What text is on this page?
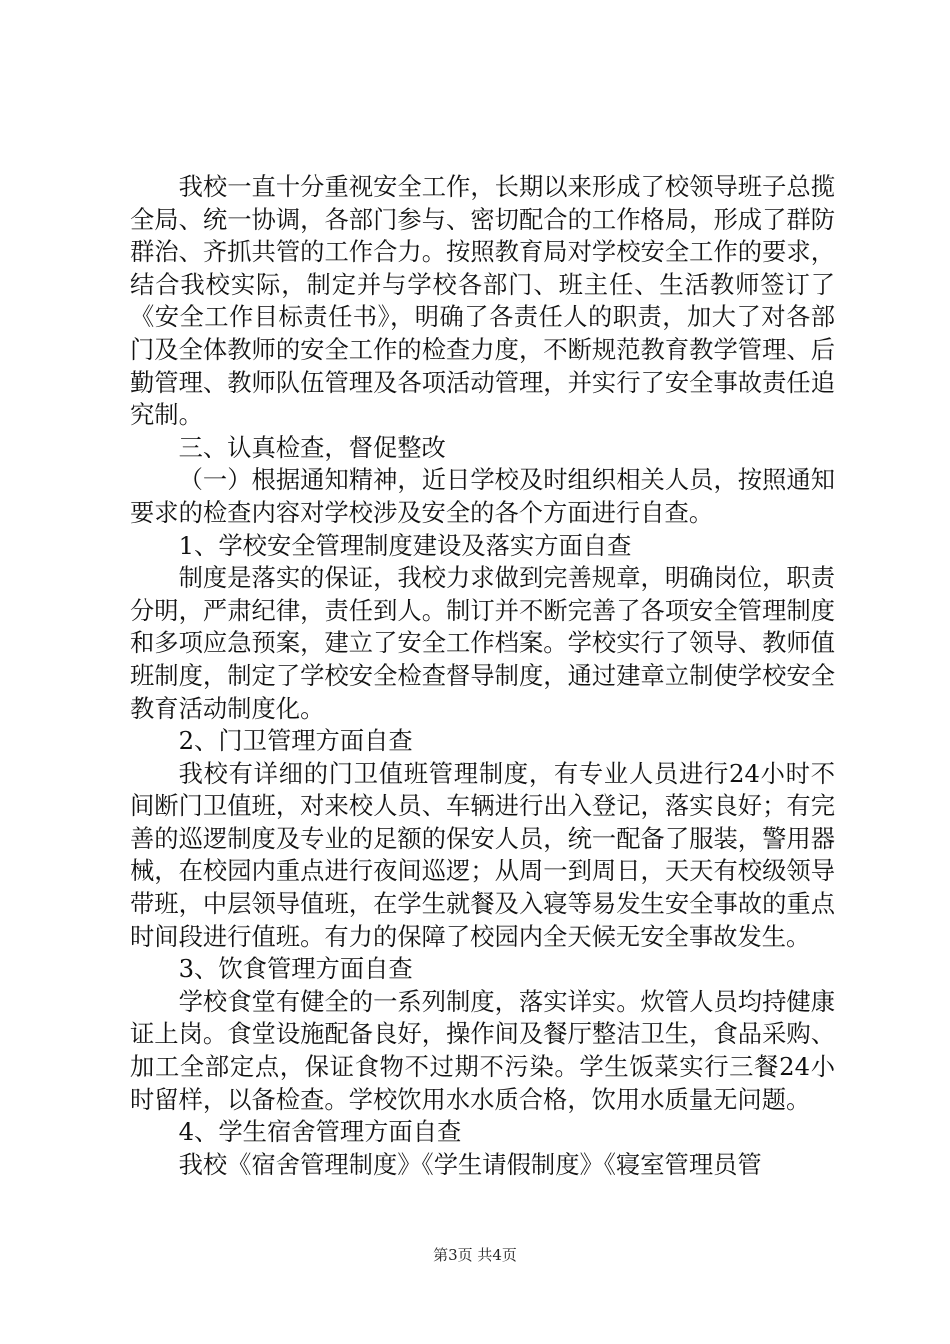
我校一直十分重视安全工作，长期以来形成了校领导班子总揽全局、统一协调，各部门参与、密切配合的工作格局，形成了群防群治、齐抓共管的工作合力。按照教育局对学校安全工作的要求，结合我校实际，制定并与学校各部门、班主任、生活教师签订了《安全工作目标责任书》，明确了各责任人的职责，加大了对各部门及全体教师的安全工作的检查力度，不断规范教育教学管理、后勤管理、教师队伍管理及各项活动管理，并实行了安全事故责任追究制。

三、认真检查，督促整改

（一）根据通知精神，近日学校及时组织相关人员，按照通知要求的检查内容对学校涉及安全的各个方面进行自查。

1、学校安全管理制度建设及落实方面自查

制度是落实的保证，我校力求做到完善规章，明确岗位，职责分明，严肃纪律，责任到人。制订并不断完善了各项安全管理制度和多项应急预案，建立了安全工作档案。学校实行了领导、教师值班制度，制定了学校安全检查督导制度，通过建章立制使学校安全教育活动制度化。

2、门卫管理方面自查

我校有详细的门卫值班管理制度，有专业人员进行24小时不间断门卫值班，对来校人员、车辆进行出入登记，落实良好；有完善的巡逻制度及专业的足额的保安人员，统一配备了服装，警用器械，在校园内重点进行夜间巡逻；从周一到周日，天天有校级领导带班，中层领导值班，在学生就餐及入寝等易发生安全事故的重点时间段进行值班。有力的保障了校园内全天候无安全事故发生。

3、饮食管理方面自查

学校食堂有健全的一系列制度，落实详实。炊管人员均持健康证上岗。食堂设施配备良好，操作间及餐厅整洁卫生，食品采购、加工全部定点，保证食物不过期不污染。学生饭菜实行三餐24小时留样，以备检查。学校饮用水水质合格，饮用水质量无问题。

4、学生宿舍管理方面自查

我校《宿舍管理制度》《学生请假制度》《寝室管理员管

第3页 共4页
